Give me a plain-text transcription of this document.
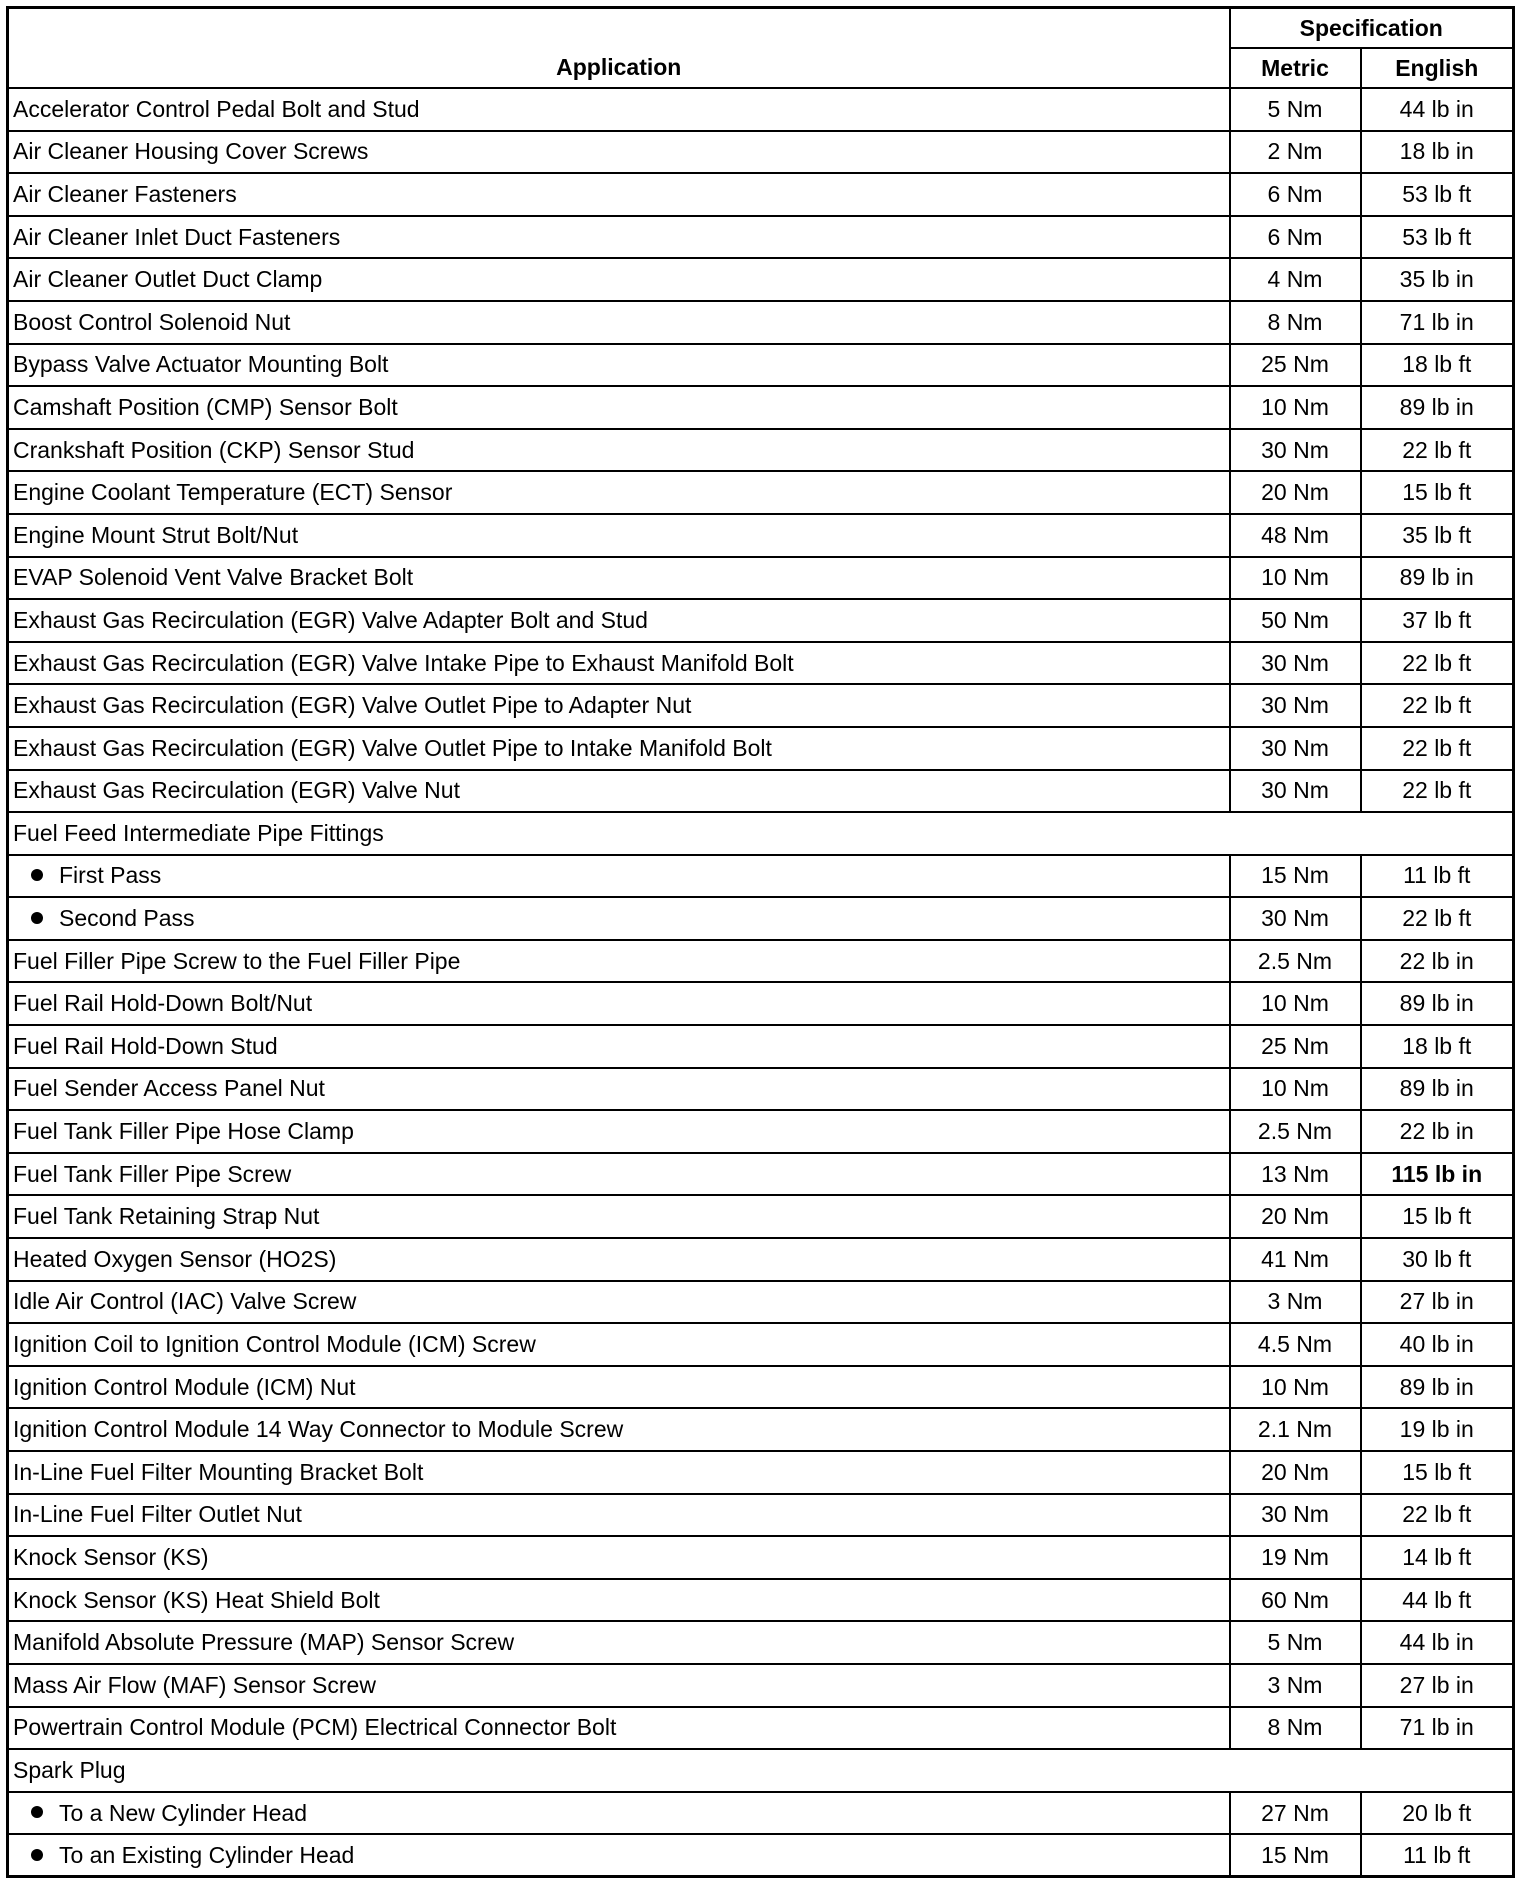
Application	Specification	
	Metric	English
Accelerator Control Pedal Bolt and Stud	5 Nm	44 lb in
Air Cleaner Housing Cover Screws	2 Nm	18 lb in
Air Cleaner Fasteners	6 Nm	53 lb ft
Air Cleaner Inlet Duct Fasteners	6 Nm	53 lb ft
Air Cleaner Outlet Duct Clamp	4 Nm	35 lb in
Boost Control Solenoid Nut	8 Nm	71 lb in
Bypass Valve Actuator Mounting Bolt	25 Nm	18 lb ft
Camshaft Position (CMP) Sensor Bolt	10 Nm	89 lb in
Crankshaft Position (CKP) Sensor Stud	30 Nm	22 lb ft
Engine Coolant Temperature (ECT) Sensor	20 Nm	15 lb ft
Engine Mount Strut Bolt/Nut	48 Nm	35 lb ft
EVAP Solenoid Vent Valve Bracket Bolt	10 Nm	89 lb in
Exhaust Gas Recirculation (EGR) Valve Adapter Bolt and Stud	50 Nm	37 lb ft
Exhaust Gas Recirculation (EGR) Valve Intake Pipe to Exhaust Manifold Bolt	30 Nm	22 lb ft
Exhaust Gas Recirculation (EGR) Valve Outlet Pipe to Adapter Nut	30 Nm	22 lb ft
Exhaust Gas Recirculation (EGR) Valve Outlet Pipe to Intake Manifold Bolt	30 Nm	22 lb ft
Exhaust Gas Recirculation (EGR) Valve Nut	30 Nm	22 lb ft
Fuel Feed Intermediate Pipe Fittings		
First Pass	15 Nm	11 lb ft
Second Pass	30 Nm	22 lb ft
Fuel Filler Pipe Screw to the Fuel Filler Pipe	2.5 Nm	22 lb in
Fuel Rail Hold-Down Bolt/Nut	10 Nm	89 lb in
Fuel Rail Hold-Down Stud	25 Nm	18 lb ft
Fuel Sender Access Panel Nut	10 Nm	89 lb in
Fuel Tank Filler Pipe Hose Clamp	2.5 Nm	22 lb in
Fuel Tank Filler Pipe Screw	13 Nm	115 lb in
Fuel Tank Retaining Strap Nut	20 Nm	15 lb ft
Heated Oxygen Sensor (HO2S)	41 Nm	30 lb ft
Idle Air Control (IAC) Valve Screw	3 Nm	27 lb in
Ignition Coil to Ignition Control Module (ICM) Screw	4.5 Nm	40 lb in
Ignition Control Module (ICM) Nut	10 Nm	89 lb in
Ignition Control Module 14 Way Connector to Module Screw	2.1 Nm	19 lb in
In-Line Fuel Filter Mounting Bracket Bolt	20 Nm	15 lb ft
In-Line Fuel Filter Outlet Nut	30 Nm	22 lb ft
Knock Sensor (KS)	19 Nm	14 lb ft
Knock Sensor (KS) Heat Shield Bolt	60 Nm	44 lb ft
Manifold Absolute Pressure (MAP) Sensor Screw	5 Nm	44 lb in
Mass Air Flow (MAF) Sensor Screw	3 Nm	27 lb in
Powertrain Control Module (PCM) Electrical Connector Bolt	8 Nm	71 lb in
Spark Plug		
To a New Cylinder Head	27 Nm	20 lb ft
To an Existing Cylinder Head	15 Nm	11 lb ft
